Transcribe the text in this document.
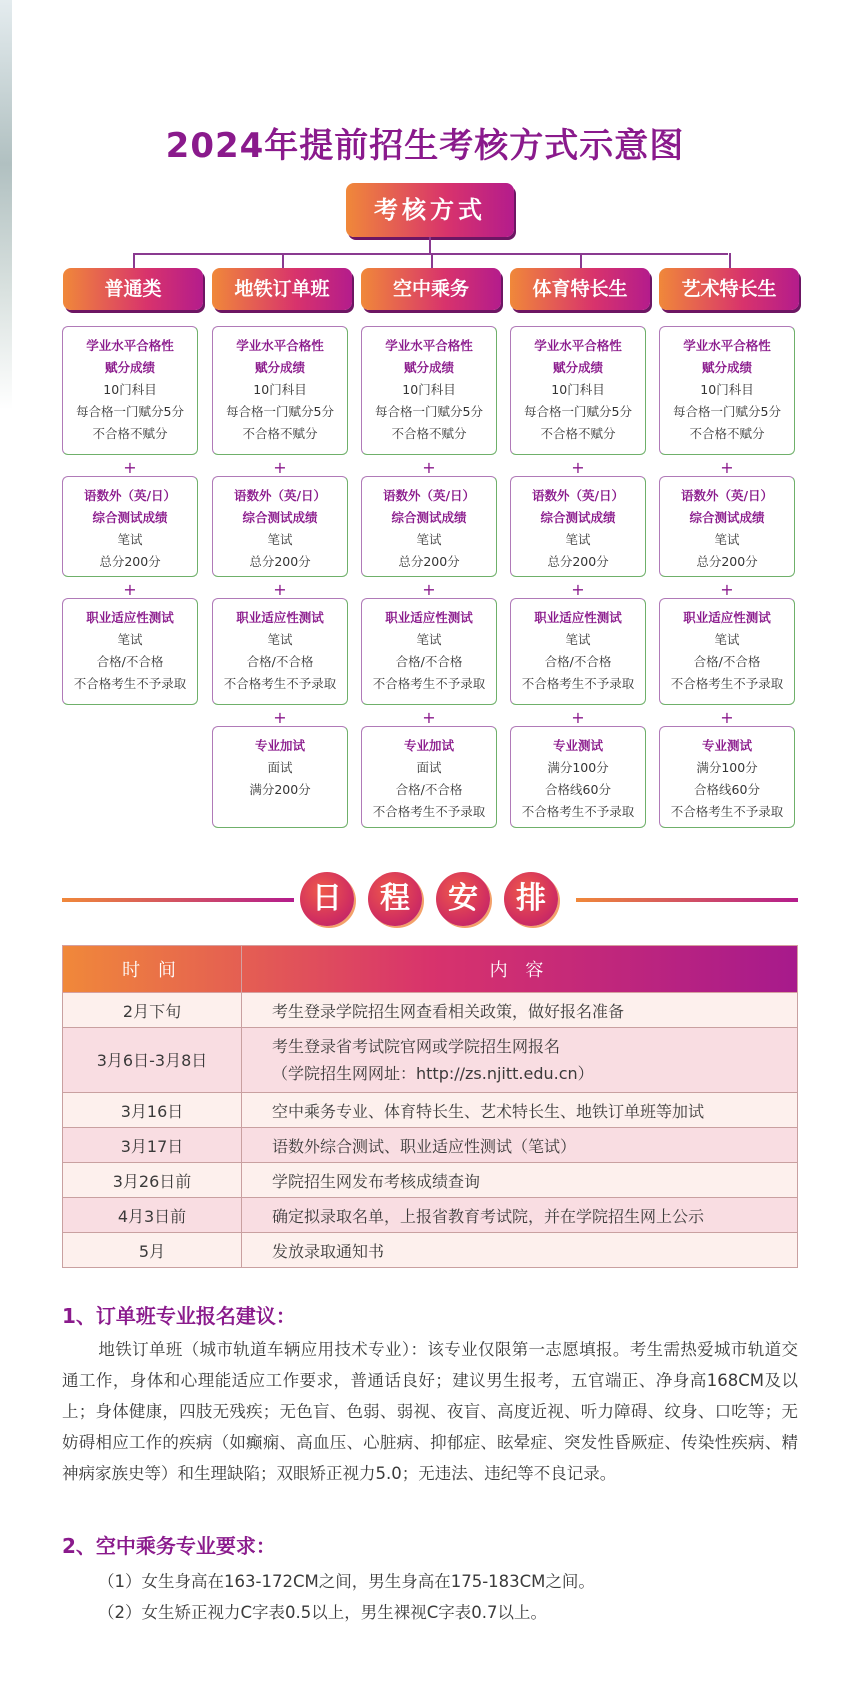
2024年提前招生考核方式示意图
考核方式
普通类
学业水平合格性
赋分成绩
10门科目
每合格一门赋分5分
不合格不赋分
+
语数外（英/日）
综合测试成绩
笔试
总分200分
+
职业适应性测试
笔试
合格/不合格
不合格考生不予录取
地铁订单班
学业水平合格性
赋分成绩
10门科目
每合格一门赋分5分
不合格不赋分
+
语数外（英/日）
综合测试成绩
笔试
总分200分
+
职业适应性测试
笔试
合格/不合格
不合格考生不予录取
+
专业加试
面试
满分200分
空中乘务
学业水平合格性
赋分成绩
10门科目
每合格一门赋分5分
不合格不赋分
+
语数外（英/日）
综合测试成绩
笔试
总分200分
+
职业适应性测试
笔试
合格/不合格
不合格考生不予录取
+
专业加试
面试
合格/不合格
不合格考生不予录取
体育特长生
学业水平合格性
赋分成绩
10门科目
每合格一门赋分5分
不合格不赋分
+
语数外（英/日）
综合测试成绩
笔试
总分200分
+
职业适应性测试
笔试
合格/不合格
不合格考生不予录取
+
专业测试
满分100分
合格线60分
不合格考生不予录取
艺术特长生
学业水平合格性
赋分成绩
10门科目
每合格一门赋分5分
不合格不赋分
+
语数外（英/日）
综合测试成绩
笔试
总分200分
+
职业适应性测试
笔试
合格/不合格
不合格考生不予录取
+
专业测试
满分100分
合格线60分
不合格考生不予录取
日	程	安	排
时 间	内 容
2月下旬	考生登录学院招生网查看相关政策，做好报名准备

3月6日-3月8日	考生登录省考试院官网或学院招生网报名
（学院招生网网址：http://zs.njitt.edu.cn）

3月16日	空中乘务专业、体育特长生、艺术特长生、地铁订单班等加试

3月17日	语数外综合测试、职业适应性测试（笔试）

3月26日前	学院招生网发布考核成绩查询

4月3日前	确定拟录取名单，上报省教育考试院，并在学院招生网上公示

5月	发放录取通知书
1、订单班专业报名建议：
地铁订单班（城市轨道车辆应用技术专业）：该专业仅限第一志愿填报。考生需热爱城市轨道交通工作，身体和心理能适应工作要求，普通话良好；建议男生报考，五官端正、净身高168CM及以上；身体健康，四肢无残疾；无色盲、色弱、弱视、夜盲、高度近视、听力障碍、纹身、口吃等；无妨碍相应工作的疾病（如癫痫、高血压、心脏病、抑郁症、眩晕症、突发性昏厥症、传染性疾病、精神病家族史等）和生理缺陷；双眼矫正视力5.0；无违法、违纪等不良记录。
2、空中乘务专业要求：
（1）女生身高在163-172CM之间，男生身高在175-183CM之间。
（2）女生矫正视力C字表0.5以上，男生裸视C字表0.7以上。
